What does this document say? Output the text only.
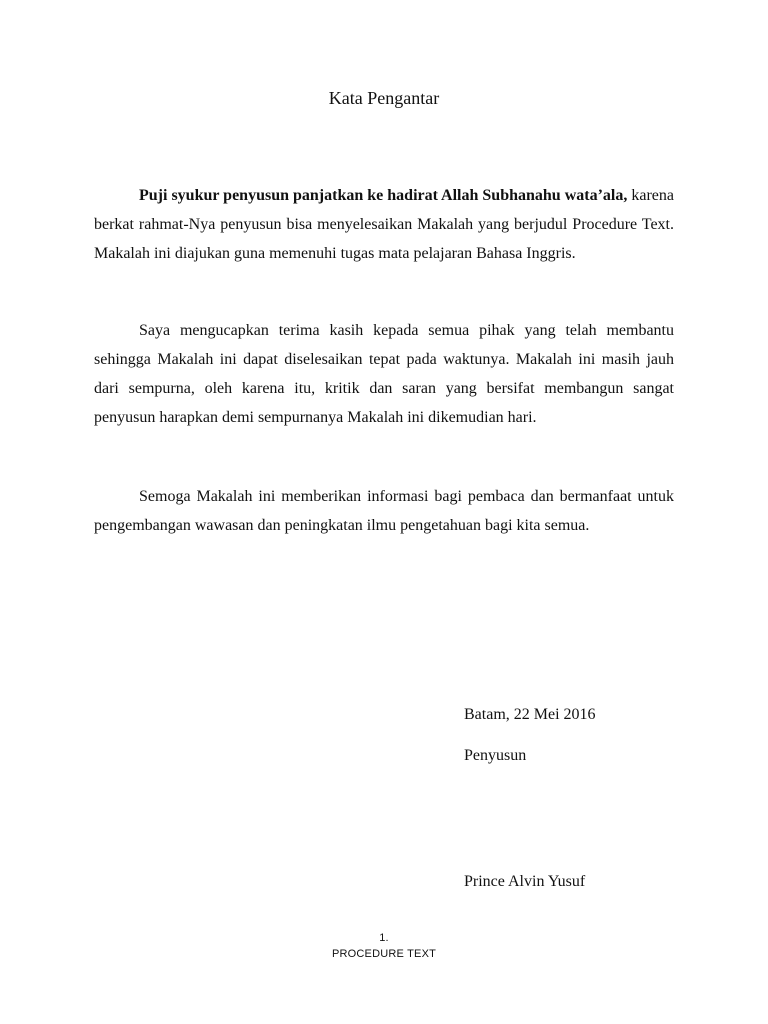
Kata Pengantar

Puji syukur penyusun panjatkan ke hadirat Allah Subhanahu wata’ala, karena berkat rahmat-Nya penyusun bisa menyelesaikan Makalah yang berjudul Procedure Text. Makalah ini diajukan guna memenuhi tugas mata pelajaran Bahasa Inggris.

Saya mengucapkan terima kasih kepada semua pihak yang telah membantu sehingga Makalah ini dapat diselesaikan tepat pada waktunya. Makalah ini masih jauh dari sempurna, oleh karena itu, kritik dan saran yang bersifat membangun sangat penyusun harapkan demi sempurnanya Makalah ini dikemudian hari.

Semoga Makalah ini memberikan informasi bagi pembaca dan bermanfaat untuk pengembangan wawasan dan peningkatan ilmu pengetahuan bagi kita semua.

Batam, 22 Mei 2016
Penyusun
Prince Alvin Yusuf
1.
PROCEDURE TEXT
